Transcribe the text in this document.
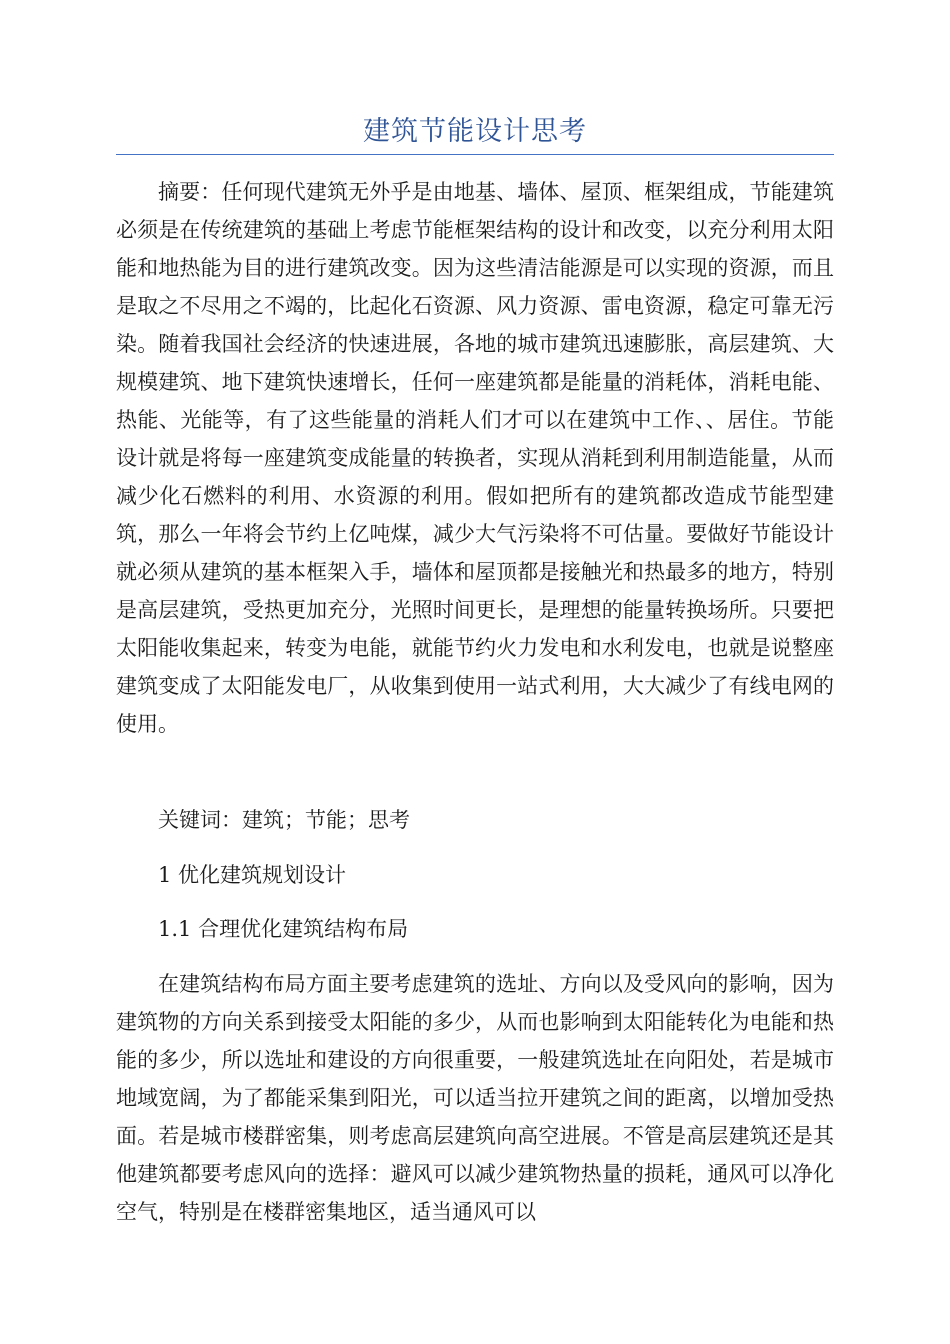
建筑节能设计思考

摘要：任何现代建筑无外乎是由地基、墙体、屋顶、框架组成，节能建筑必须是在传统建筑的基础上考虑节能框架结构的设计和改变，以充分利用太阳能和地热能为目的进行建筑改变。因为这些清洁能源是可以实现的资源，而且是取之不尽用之不竭的，比起化石资源、风力资源、雷电资源，稳定可靠无污染。随着我国社会经济的快速进展，各地的城市建筑迅速膨胀，高层建筑、大规模建筑、地下建筑快速增长，任何一座建筑都是能量的消耗体，消耗电能、热能、光能等，有了这些能量的消耗人们才可以在建筑中工作、、居住。节能设计就是将每一座建筑变成能量的转换者，实现从消耗到利用制造能量，从而减少化石燃料的利用、水资源的利用。假如把所有的建筑都改造成节能型建筑，那么一年将会节约上亿吨煤，减少大气污染将不可估量。要做好节能设计就必须从建筑的基本框架入手，墙体和屋顶都是接触光和热最多的地方，特别是高层建筑，受热更加充分，光照时间更长，是理想的能量转换场所。只要把太阳能收集起来，转变为电能，就能节约火力发电和水利发电，也就是说整座建筑变成了太阳能发电厂，从收集到使用一站式利用，大大减少了有线电网的使用。

关键词：建筑；节能；思考

1 优化建筑规划设计

1.1 合理优化建筑结构布局

在建筑结构布局方面主要考虑建筑的选址、方向以及受风向的影响，因为建筑物的方向关系到接受太阳能的多少，从而也影响到太阳能转化为电能和热能的多少，所以选址和建设的方向很重要，一般建筑选址在向阳处，若是城市地域宽阔，为了都能采集到阳光，可以适当拉开建筑之间的距离，以增加受热面。若是城市楼群密集，则考虑高层建筑向高空进展。不管是高层建筑还是其他建筑都要考虑风向的选择：避风可以减少建筑物热量的损耗，通风可以净化空气，特别是在楼群密集地区，适当通风可以
